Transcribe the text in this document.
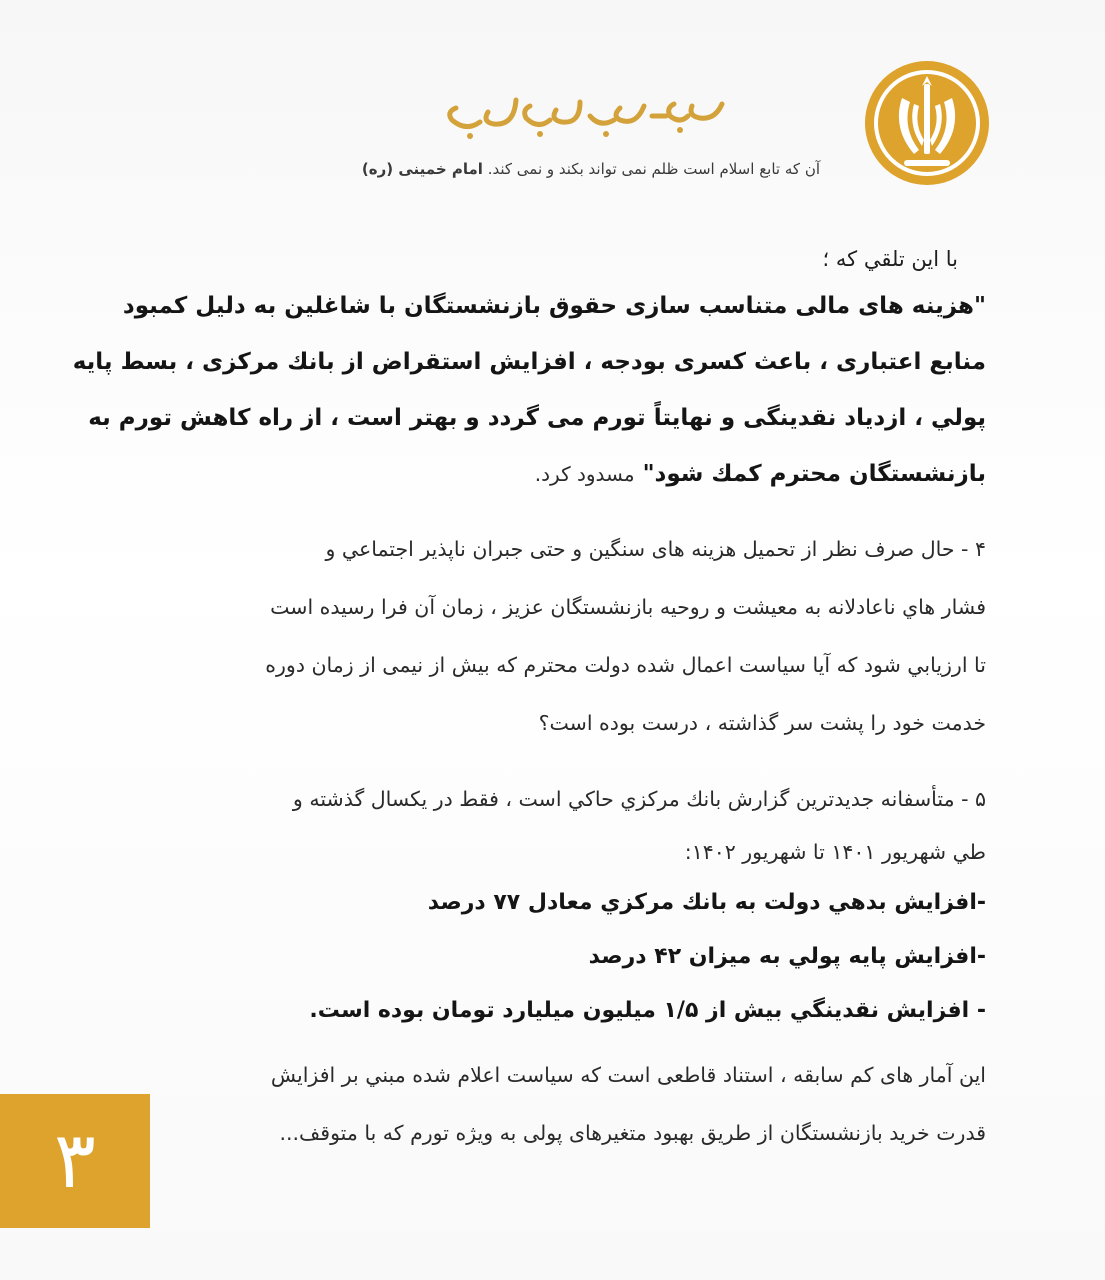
آن که تابع اسلام است ظلم نمی تواند بکند و نمی کند. امام خمینی (ره)
با این تلقي که ؛
"هزینه های مالی متناسب سازی حقوق بازنشستگان با شاغلین به دلیل کمبود
منابع اعتباری ، باعث کسری بودجه ، افزایش استقراض از بانك مرکزی ، بسط پایه
پولي ، ازدیاد نقدینگی و نهایتاً تورم می گردد و بهتر است ، از راه کاهش تورم به
بازنشستگان محترم کمك شود" مسدود کرد.
۴ - حال صرف نظر از تحمیل هزینه های سنگین و حتی جبران ناپذیر اجتماعي و
فشار هاي ناعادلانه به معیشت و روحیه بازنشستگان عزیز ، زمان آن فرا رسیده است
تا ارزيابي شود که آیا سیاست اعمال شده دولت محترم که بیش از نیمی از زمان دوره
خدمت خود را پشت سر گذاشته ، درست بوده است؟
۵ - متأسفانه جدیدترین گزارش بانك مرکزي حاکي است ، فقط در یکسال گذشته و
طي شهریور ۱۴۰۱ تا شهریور ۱۴۰۲:
-افزایش بدهي دولت به بانك مرکزي معادل ۷۷ درصد
-افزایش پایه پولي به میزان ۴۲ درصد
- افزایش نقدینگي بیش از ۱/۵ میلیون میلیارد تومان بوده است.
این آمار های کم سابقه ، استناد قاطعی است که سیاست اعلام شده مبني بر افزایش
قدرت خرید بازنشستگان از طریق بهبود متغیرهای پولی به ویژه تورم که با متوقف...
۳
